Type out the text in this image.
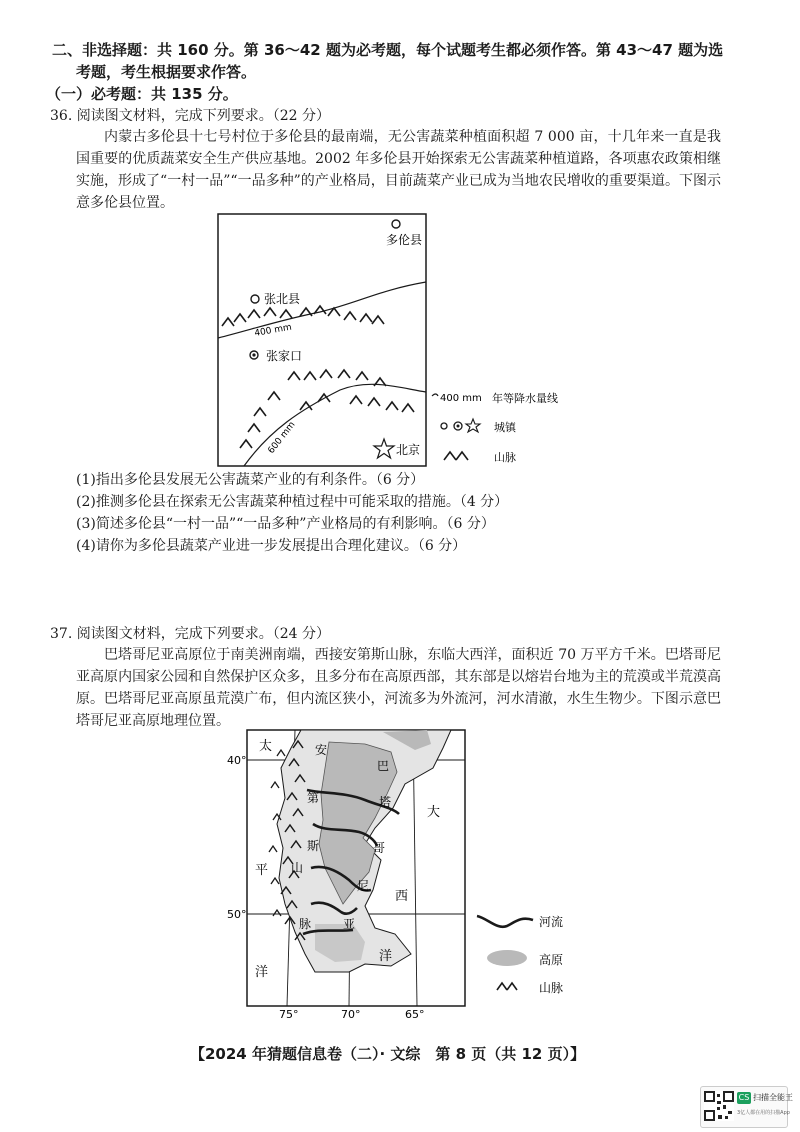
二、非选择题：共 160 分。第 36～42 题为必考题，每个试题考生都必须作答。第 43～47 题为选
考题，考生根据要求作答。
（一）必考题：共 135 分。
36. 阅读图文材料，完成下列要求。（22 分）
内蒙古多伦县十七号村位于多伦县的最南端，无公害蔬菜种植面积超 7 000 亩，十几年来一直是我国重要的优质蔬菜安全生产供应基地。2002 年多伦县开始探索无公害蔬菜种植道路，各项惠农政策相继实施，形成了“一村一品”“一品多种”的产业格局，目前蔬菜产业已成为当地农民增收的重要渠道。下图示意多伦县位置。
多伦县
400 mm
张北县
张家口
600 mm	北京
400 mm 年等降水量线
城镇
山脉
(1)指出多伦县发展无公害蔬菜产业的有利条件。（6 分）
(2)推测多伦县在探索无公害蔬菜种植过程中可能采取的措施。（4 分）
(3)简述多伦县“一村一品”“一品多种”产业格局的有利影响。（6 分）
(4)请你为多伦县蔬菜产业进一步发展提出合理化建议。（6 分）
37. 阅读图文材料，完成下列要求。（24 分）
巴塔哥尼亚高原位于南美洲南端，西接安第斯山脉，东临大西洋，面积近 70 万平方千米。巴塔哥尼亚高原内国家公园和自然保护区众多，且多分布在高原西部，其东部是以熔岩台地为主的荒漠或半荒漠高原。巴塔哥尼亚高原虽荒漠广布，但内流区狭小，河流多为外流河，河水清澈，水生生物少。下图示意巴塔哥尼亚高原地理位置。
40°
50°
75°	70°	65°
太
平
洋
大
西
洋
安
第
斯
山
脉
巴
塔
哥
尼
亚	河流
高原
山脉
【2024 年猜题信息卷（二）· 文综　第 8 页（共 12 页）】
CS 扫描全能王
3亿人都在用的扫描App
